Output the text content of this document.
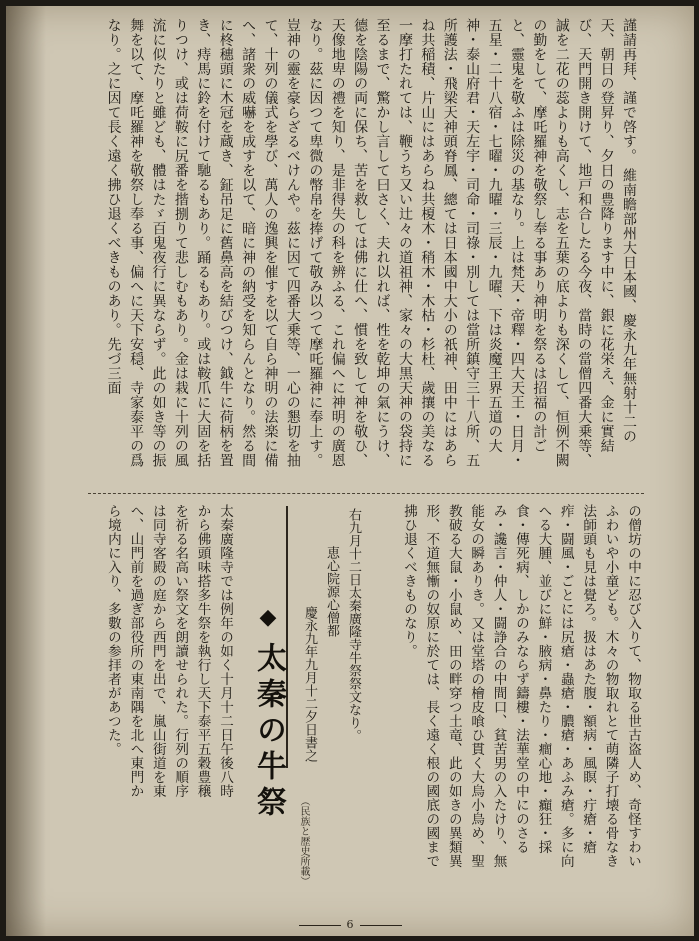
謹請再拜、謹で啓す。 維南瞻部州大日本國、慶永九年無射十二の天、朝日の登昇り、夕日の豊降ります中に、銀に花栄え、金に實結び、天門開き開けて、地戸和合したる今夜、當時の當僧四番大乗等、誠を二花の蕊よりも高くし、志を五葉の底よりも深くして、恒例不闕の勤をして、摩吒羅神を敬祭し奉る事あり神明を祭るは招福の計ごと、靈鬼を敬ふは除災の基なり。上は梵天・帝釋・四大天王・日月・五星・二十八宿・七曜・九曜・三辰・九曜、下は炎魔王界五道の大神・泰山府君・天左宇・司命・司祿・別しては當所鎮守三十八所、五所護法・飛梁天神頭脊鳳、總ては日本國中大小の祇神、田中にはあらね共稲積、片山にはあらね共榎木・稍木・木枯・杉杜、歲攘の美なる一摩打たれては、鞭うち又い辻々の道祖神、家々の大黒天神の袋持に至るまで、驚かし言して曰さく、夫れ以れば、性を乾坤の氣にうけ、德を陰陽の両に保ち、苦を救しては佛に仕へ、慣を致して神を敬ひ、天像地卑の禮を知り、是非得失の科を辨ふる、これ偏へに神明の廣恩なり。茲に因つて卑微の幣帛を捧げて敬み以つて摩吒羅神に奉上す。豈神の靈を豪らざるべけんや。茲に因て四番大乗等、一心の懇切を抽て、十列の儀式を學び、萬人の逸興を催すを以て自ら神明の法楽に備へ、諸衆の威嚇を成すを以て、暗に神の納受を知らんとなり。然る間に柊穗頭に木冠を蔵き、鉦吊足に舊鼻高を結びつけ、鉞牛に荷柄を置き、痔馬に鈴を付けて馳るもあり。踊るもあり。或は鞍爪に大固を括りつけ、或は荷鞍に尻番を揩捌りて悲しむもあり。金は栽に十列の風流に似たりと雖ども、體はたゞ百鬼夜行に異ならず。此の如き等の振舞を以て、摩吒羅神を敬祭し奉る事、偏へに天下安穏、寺家泰平の爲なり。之に因て長く遠く拂ひ退くべきものあり。先づ三面
の僧坊の中に忍び入りて、物取る世古盗人め、奇怪すわいふわいや小童ども。木々の物取れとて萌隣子打壊る骨なき法師頭も見は覺ろ。扱はあた腹・額病・風瞑・疔瘡・瘡痄・闘風・ごとには尻瘡・蟲瘡・膿瘡・あふみ瘡。多に向へる大腫、並びに鮮・腋病・鼻たり・癎心地・癲狂・採食・傳死病、しかのみならず鑄樓・法華堂の中にのさるみ・讒言・仲人・闘諍合の中間口、貧苦男の入たけり、無能女の瞬ありき。又は堂塔の檜皮喰ひ貫く大烏小烏め、聖教破る大鼠・小鼠め、田の畔穿つ土竜、此の如きの異類異形、不道無慚の奴原に於ては、長く遠く根の國底の國まで拂ひ退くべきものなり。
右九月十二日太秦廣隆寺牛祭祭文なり。
恵心院源心僧都
慶永九年九月十二夕日書之
◆太秦の牛祭
太秦廣隆寺では例年の如く十月十二日午後八時から佛頭味搭多牛祭を執行し天下泰平五穀豊穣を祈る名高い祭文を朗讀せられた。行列の順序は同寺客殿の庭から西門を出で、嵐山街道を東へ、山門前を過ぎ部役所の東南隅を北へ東門から境内に入り、多數の参拝者があつた。
（民族と歴史所載）
6
